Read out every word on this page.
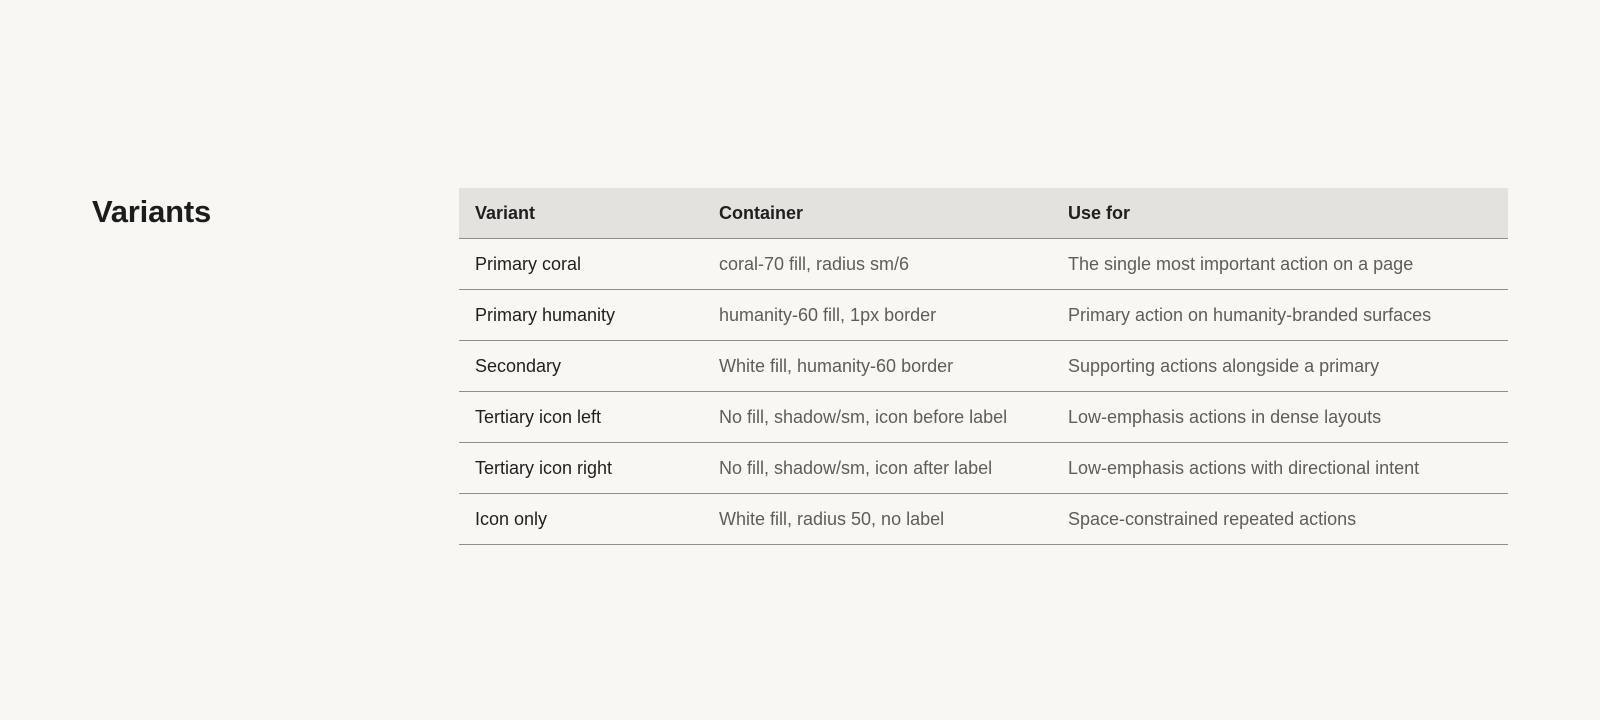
Variants	Variant	Container	Use for
Primary coral	coral-70 fill, radius sm/6	The single most important action on a page
Primary humanity	humanity-60 fill, 1px border	Primary action on humanity-branded surfaces
Secondary	White fill, humanity-60 border	Supporting actions alongside a primary
Tertiary icon left	No fill, shadow/sm, icon before label	Low-emphasis actions in dense layouts
Tertiary icon right	No fill, shadow/sm, icon after label	Low-emphasis actions with directional intent
Icon only	White fill, radius 50, no label	Space-constrained repeated actions
